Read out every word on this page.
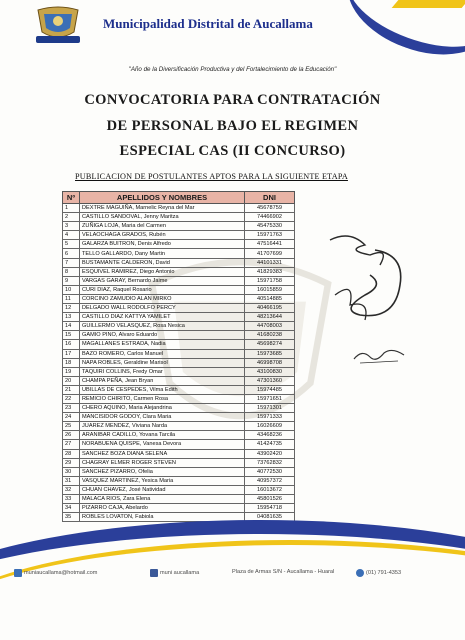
Municipalidad Distrital de Aucallama
"Año de la Diversificación Productiva y del Fortalecimiento de la Educación"
CONVOCATORIA PARA CONTRATACIÓN
DE PERSONAL BAJO EL REGIMEN
ESPECIAL CAS (II CONCURSO)
PUBLICACION DE POSTULANTES APTOS PARA LA SIGUIENTE ETAPA
Nº	APELLIDOS Y NOMBRES	DNI
1	DEXTRE MAGUIÑA, Marnelic Reyna del Mar	45678759
2	CASTILLO SANDOVAL, Jenny Maritza	74466902
3	ZUÑIGA LOJA, Maria del Carmen	45475330
4	VELAOCHAGA GRADOS, Rubén	15971763
5	GALARZA BUITRON, Denis Alfredo	47516441
6	TELLO GALLARDO, Dany Martin	41707699
7	BUSTAMANTE CALDERON, David	44101331
8	ESQUIVEL RAMIREZ, Diego Antonio	41829383
9	VARGAS GARAY, Bernardo Jaime	15971758
10	CURI DIAZ, Raquel Rosario	16015859
11	CORCINO ZAMUDIO ALAN MIRKO	40514885
12	DELGADO WALL RODOLFO PERCY	40466195
13	CASTILLO DIAZ KATTYA YAMILET	48213644
14	GUILLERMO VELASQUEZ, Rosa Nesica	44708003
15	GAMIO PINO, Alvaro Eduardo	41680238
16	MAGALLANES ESTRADA, Nadia	45698274
17	BAZO ROMERO, Carlos Manuel	15973685
18	NAPA ROBLES, Geraldine Marisol	46998708
19	TAQUIRI COLLINS, Fredy Omar	43100830
20	CHAMPA PEÑA, Jean Bryan	47301360
21	UBILLAS DE CESPEDES, Vilma Edith	15974485
22	REMICIO CHIRITO, Carmen Rosa	15971651
23	CHERO AQUINO, Maria Alejandrina	15971301
24	MANCISIDOR GODOY, Clara Maria	15971333
25	JUAREZ MENDEZ, Viviana Narda	16026609
26	ARANIBAR CADILLO, Yovana Tarcila	43468236
27	NORABUENA QUISPE, Vanesa Devora	41424735
28	SANCHEZ BOZA DIANA SELENA	43902420
29	CHAGRAY ELMER ROGER STEVEN	73762832
30	SANCHEZ PIZARRO, Ofelia	40772530
31	VASQUEZ MARTINEZ, Yesica Maria	40957372
32	CHUAN CHAVEZ, José Natividad	16013672
33	MALACA RIOS, Zara Elena	45801526
34	PIZARRO CAJA, Abelardo	15954718
35	ROBLES LOVATON, Fabiola	04081635
muniaucallama@hotmail.com	muni aucallama	Plaza de Armas S/N - Aucallama - Huaral	(01) 791-4353
